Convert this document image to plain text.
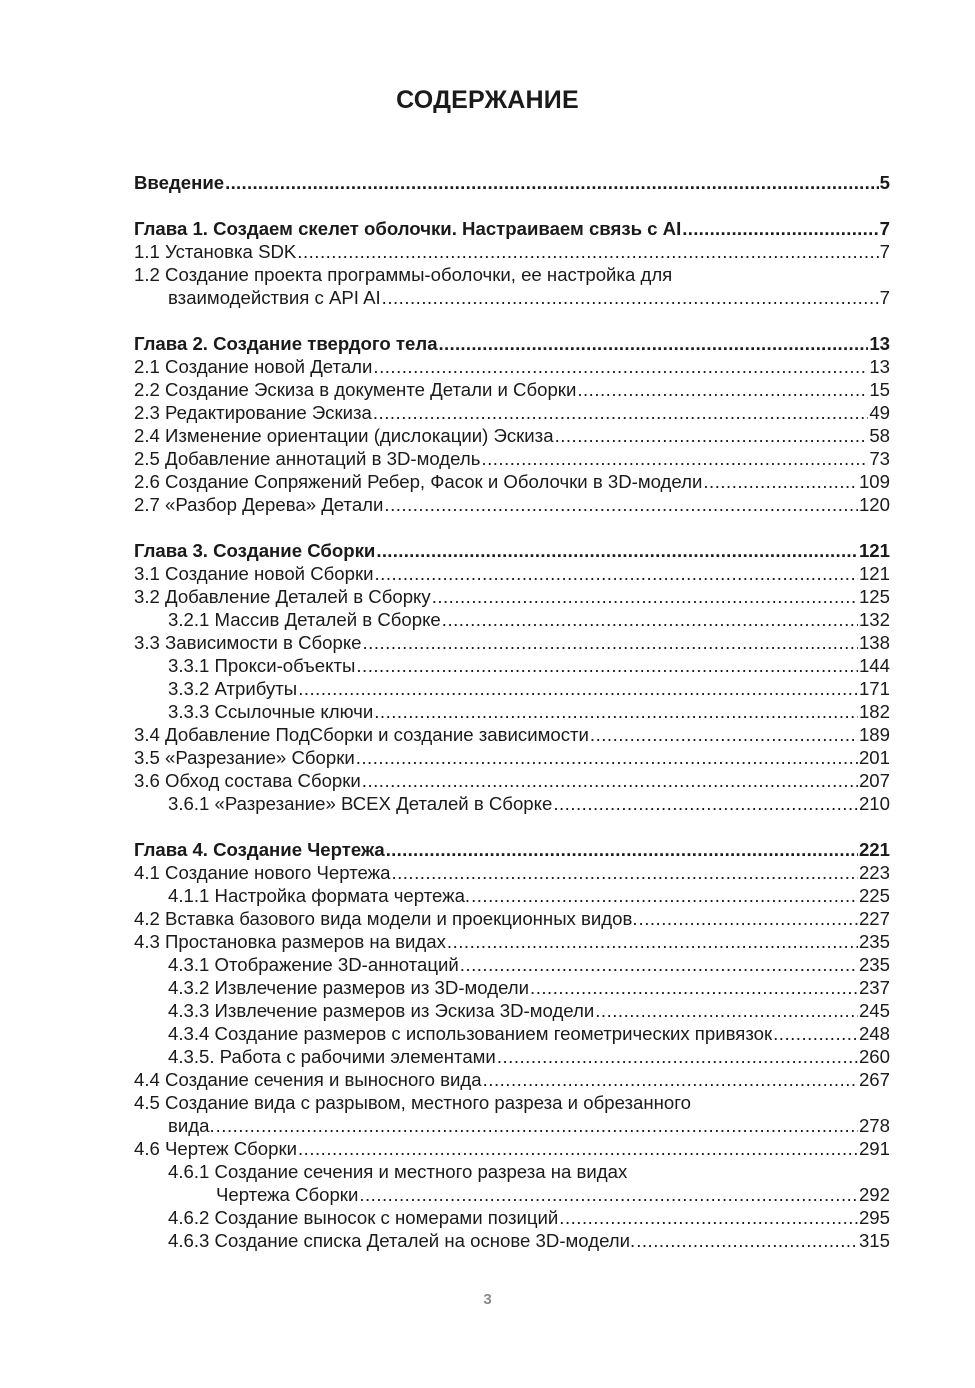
СОДЕРЖАНИЕ
Введение .....	5
Глава 1. Создаем скелет оболочки. Настраиваем связь с AI .....	7
1.1 Установка SDK .....	7
1.2 Создание проекта программы-оболочки, ее настройка для
взаимодействия с API AI .....	7
Глава 2. Создание твердого тела .....	13
2.1 Создание новой Детали .....	13
2.2 Создание Эскиза в документе Детали и Сборки .....	15
2.3 Редактирование Эскиза .....	49
2.4 Изменение ориентации (дислокации) Эскиза .....	58
2.5 Добавление аннотаций в 3D-модель .....	73
2.6 Создание Сопряжений Ребер, Фасок и Оболочки в 3D-модели .....	109
2.7 «Разбор Дерева» Детали .....	120
Глава 3. Создание Сборки .....	121
3.1 Создание новой Сборки .....	121
3.2 Добавление Деталей в Сборку .....	125
3.2.1 Массив Деталей в Сборке .....	132
3.3 Зависимости в Сборке .....	138
3.3.1 Прокси-объекты .....	144
3.3.2 Атрибуты .....	171
3.3.3 Ссылочные ключи .....	182
3.4 Добавление ПодСборки и создание зависимости .....	189
3.5 «Разрезание» Сборки .....	201
3.6 Обход состава Сборки .....	207
3.6.1 «Разрезание» ВСЕХ Деталей в Сборке .....	210
Глава 4. Создание Чертежа .....	221
4.1 Создание нового Чертежа .....	223
4.1.1 Настройка формата чертежа. .....	225
4.2 Вставка базового вида модели и проекционных видов. .....	227
4.3 Простановка размеров на видах .....	235
4.3.1 Отображение 3D-аннотаций .....	235
4.3.2 Извлечение размеров из 3D-модели .....	237
4.3.3 Извлечение размеров из Эскиза 3D-модели .....	245
4.3.4 Создание размеров с использованием геометрических привязок .....	248
4.3.5. Работа с рабочими элементами .....	260
4.4 Создание сечения и выносного вида .....	267
4.5 Создание вида с разрывом, местного разреза и обрезанного
вида. .....	278
4.6 Чертеж Сборки .....	291
4.6.1 Создание сечения и местного разреза на видах
Чертежа Сборки .....	292
4.6.2 Создание выносок с номерами позиций .....	295
4.6.3 Создание списка Деталей на основе 3D-модели. .....	315
3
